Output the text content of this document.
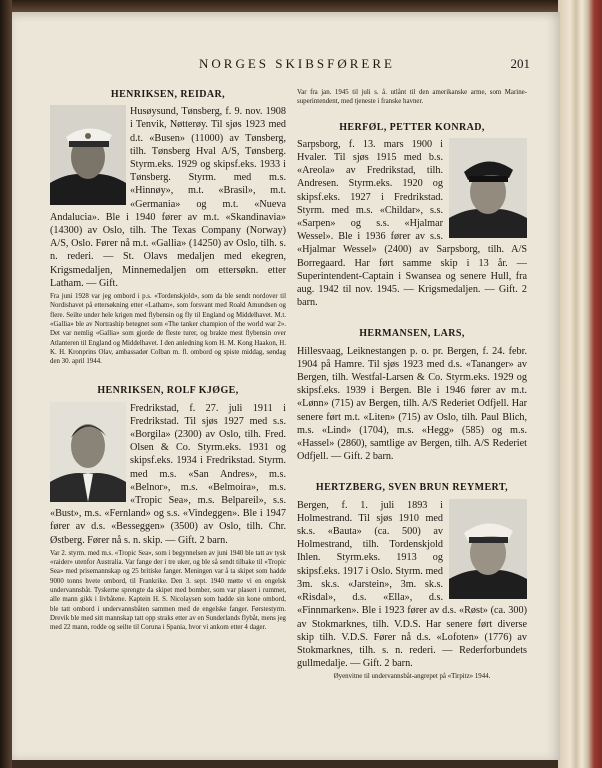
NORGES SKIBSFØRERE	201
HENRIKSEN, REIDAR,

Husøysund, Tønsberg, f. 9. nov. 1908 i Tenvik, Nøtterøy. Til sjøs 1923 med d.t. «Busen» (11000) av Tønsberg, tilh. Tønsberg Hval A/S, Tønsberg. Styrm.eks. 1929 og skipsf.eks. 1933 i Tønsberg. Styrm. med m.s. «Hinnøy», m.t. «Brasil», m.t. «Germania» og m.t. «Nueva Andalucia». Ble i 1940 fører av m.t. «Skandinavia» (14300) av Oslo, tilh. The Texas Company (Norway) A/S, Oslo. Fører nå m.t. «Gallia» (14250) av Oslo, tilh. s. n. rederi. — St. Olavs medaljen med ekegren, Krigsmedaljen, Minnemedaljen om ettersøkn. etter Latham. — Gift.

Fra juni 1928 var jeg ombord i p.s. «Tordenskjold», som da ble sendt nordover til Nordishavet på ettersøkning etter «Latham», som forsvant med Roald Amundsen og flere. Seilte under hele krigen med flybensin og fly til England og Middelhavet. M.t. «Gallia» ble av Nortraship betegnet som «The tanker champion of the world war 2». Det var nemlig «Gallia» som gjorde de fleste turer, og brakte mest flybensin over Atlanteren til England og Middelhavet. I den anledning kom H. M. Kong Haakon, H. K. H. Kronprins Olav, ambassadør Colban m. fl. ombord og spiste middag, søndag den 30. april 1944.
HENRIKSEN, ROLF KJØGE,

Fredrikstad, f. 27. juli 1911 i Fredrikstad. Til sjøs 1927 med s.s. «Borgila» (2300) av Oslo, tilh. Fred. Olsen & Co. Styrm.eks. 1931 og skipsf.eks. 1934 i Fredrikstad. Styrm. med m.s. «San Andres», m.s. «Belnor», m.s. «Belmoira», m.s. «Tropic Sea», m.s. Belpareil», s.s. «Bust», m.s. «Fernland» og s.s. «Vindeggen». Ble i 1947 fører av d.s. «Besseggen» (3500) av Oslo, tilh. Chr. Østberg. Fører nå s. n. skip. — Gift. 2 barn.

Var 2. styrm. med m.s. «Tropic Sea», som i begynnelsen av juni 1940 ble tatt av tysk «raider» utenfor Australia. Var fange der i tre uker, og ble så sendt tilbake til «Tropic Sea» med prisemannskap og 25 britiske fanger. Meningen var å ta skipet som hadde 9000 tonns hvete ombord, til Frankrike. Den 3. sept. 1940 møtte vi en engelsk undervannsbåt. Tyskerne sprengte da skipet med bomber, som var plasert i rummet, alle mann gikk i livbåtene. Kaptein H. S. Nicolaysen som hadde sin kone ombord, ble tatt ombord i undervannsbåten sammen med de engelske fanger. Førstestyrm. Drevik ble med sitt mannskap tatt opp straks etter av en Sunderlands flybåt, mens jeg med 22 mann, rodde og seilte til Coruna i Spania, hvor vi ankom etter 4 dager.
Var fra jan. 1945 til juli s. å. utlånt til den amerikanske arme, som Marine-superintendent, med tjeneste i franske havner.
HERFØL, PETTER KONRAD,

Sarpsborg, f. 13. mars 1900 i Hvaler. Til sjøs 1915 med b.s. «Areola» av Fredrikstad, tilh. Andresen. Styrm.eks. 1920 og skipsf.eks. 1927 i Fredrikstad. Styrm. med m.s. «Childar», s.s. «Sarpen» og s.s. «Hjalmar Wessel». Ble i 1936 fører av s.s. «Hjalmar Wessel» (2400) av Sarpsborg, tilh. A/S Borregaard. Har ført samme skip i 13 år. — Superintendent-Captain i Swansea og senere Hull, fra aug. 1942 til nov. 1945. — Krigsmedaljen. — Gift. 2 barn.

HERMANSEN, LARS,

Hillesvaag, Leiknestangen p. o. pr. Bergen, f. 24. febr. 1904 på Hamre. Til sjøs 1923 med d.s. «Tananger» av Bergen, tilh. Westfal-Larsen & Co. Styrm.eks. 1929 og skipsf.eks. 1939 i Bergen. Ble i 1946 fører av m.t. «Lønn» (715) av Bergen, tilh. A/S Rederiet Odfjell. Har senere ført m.t. «Liten» (715) av Oslo, tilh. Paul Blich, m.s. «Lind» (1704), m.s. «Hegg» (585) og m.s. «Hassel» (2860), samtlige av Bergen, tilh. A/S Rederiet Odfjell. — Gift. 2 barn.

HERTZBERG, SVEN BRUN REYMERT,

Bergen, f. 1. juli 1893 i Holmestrand. Til sjøs 1910 med sk.s. «Bauta» (ca. 500) av Holmestrand, tilh. Tordenskjold Ihlen. Styrm.eks. 1913 og skipsf.eks. 1917 i Oslo. Styrm. med 3m. sk.s. «Jarstein», 3m. sk.s. «Risdal», d.s. «Ella», d.s. «Finnmarken». Ble i 1923 fører av d.s. «Røst» (ca. 300) av Stokmarknes, tilh. V.D.S. Har senere ført diverse skip tilh. V.D.S. Fører nå d.s. «Lofoten» (1776) av Stokmarknes, tilh. s. n. rederi. — Rederforbundets gullmedalje. — Gift. 2 barn.

Øyenvitne til undervannsbåt-angrepet på «Tirpitz» 1944.
